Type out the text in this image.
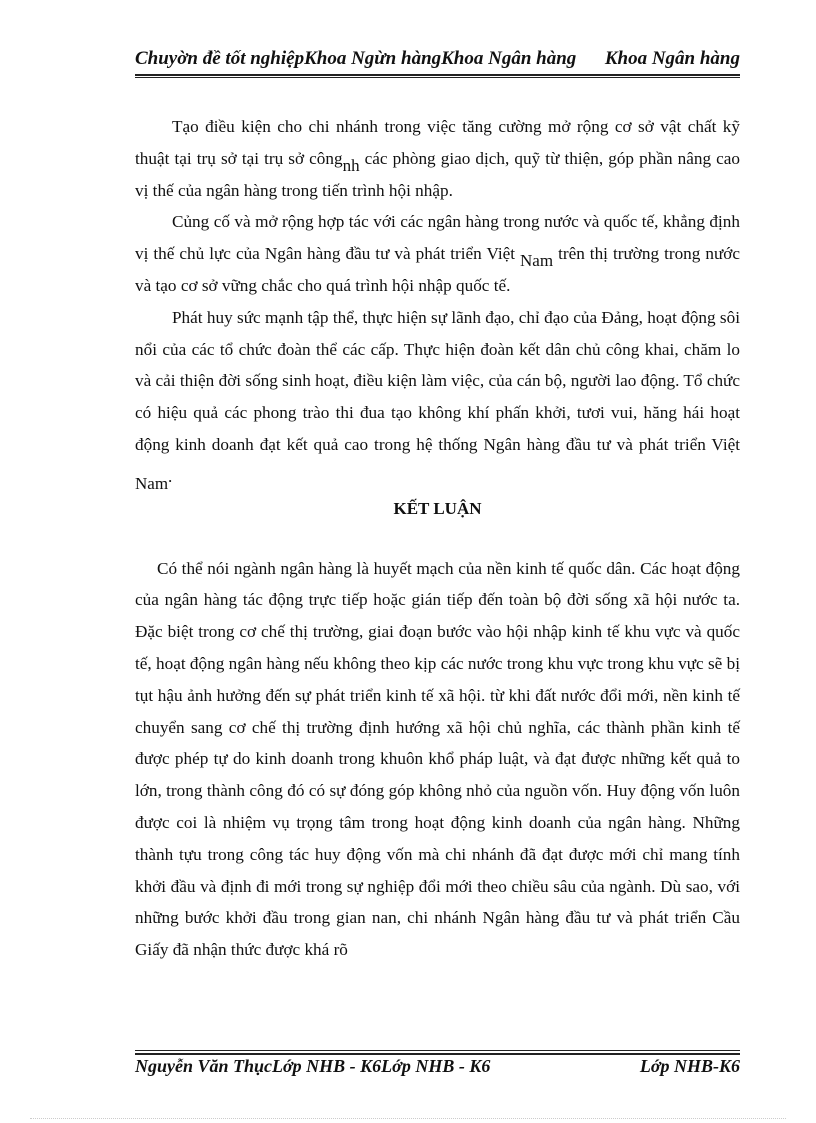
Chuyờn đề tốt nghiệpKhoa Ngừn hàngKhoa Ngân hàng Khoa Ngân hàng

Tạo điều kiện cho chi nhánh trong việc tăng cường mở rộng cơ sở vật chất kỹ thuật tại trụ sở tại trụ sở côngnh các phòng giao dịch, quỹ từ thiện, góp phần nâng cao vị thế của ngân hàng trong tiến trình hội nhập.

Củng cố và mở rộng hợp tác với các ngân hàng trong nước và quốc tế, khẳng định vị thế chủ lực của Ngân hàng đầu tư và phát triển Việt Nam trên thị trường trong nước và tạo cơ sở vững chắc cho quá trình hội nhập quốc tế.

Phát huy sức mạnh tập thể, thực hiện sự lãnh đạo, chỉ đạo của Đảng, hoạt động sôi nổi của các tổ chức đoàn thể các cấp. Thực hiện đoàn kết dân chủ công khai, chăm lo và cải thiện đời sống sinh hoạt, điều kiện làm việc, của cán bộ, người lao động. Tổ chức có hiệu quả các phong trào thi đua tạo không khí phấn khởi, tươi vui, hăng hái hoạt động kinh doanh đạt kết quả cao trong hệ thống Ngân hàng đầu tư và phát triển Việt Nam.

KẾT LUẬN

Có thể nói ngành ngân hàng là huyết mạch của nền kinh tế quốc dân. Các hoạt động của ngân hàng tác động trực tiếp hoặc gián tiếp đến toàn bộ đời sống xã hội nước ta. Đặc biệt trong cơ chế thị trường, giai đoạn bước vào hội nhập kinh tế khu vực và quốc tế, hoạt động ngân hàng nếu không theo kịp các nước trong khu vực trong khu vực sẽ bị tụt hậu ảnh hưởng đến sự phát triển kinh tế xã hội. từ khi đất nước đổi mới, nền kinh tế chuyển sang cơ chế thị trường định hướng xã hội chủ nghĩa, các thành phần kinh tế được phép tự do kinh doanh trong khuôn khổ pháp luật, và đạt được những kết quả to lớn, trong thành công đó có sự đóng góp không nhỏ của nguồn vốn. Huy động vốn luôn được coi là nhiệm vụ trọng tâm trong hoạt động kinh doanh của ngân hàng. Những thành tựu trong công tác huy động vốn mà chi nhánh đã đạt được mới chỉ mang tính khởi đầu và định đi mới trong sự nghiệp đổi mới theo chiều sâu của ngành. Dù sao, với những bước khởi đầu trong gian nan, chi nhánh Ngân hàng đầu tư và phát triển Cầu Giấy đã nhận thức được khá rõ

Nguyễn Văn ThụcLớp NHB - K6Lớp NHB - K6	Lớp NHB-K6
